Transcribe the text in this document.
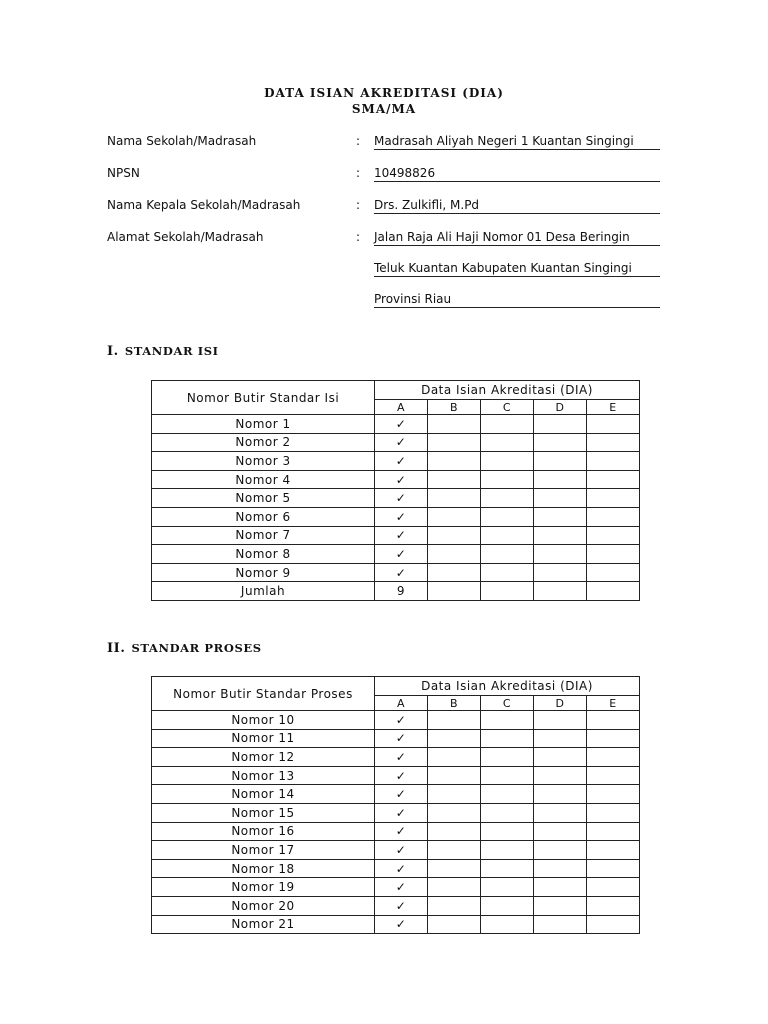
DATA ISIAN AKREDITASI (DIA)
SMA/MA
Nama Sekolah/Madrasah	: Madrasah Aliyah Negeri 1 Kuantan Singingi
NPSN	: 10498826
Nama Kepala Sekolah/Madrasah	: Drs. Zulkifli, M.Pd
Alamat Sekolah/Madrasah	: Jalan Raja Ali Haji Nomor 01 Desa Beringin
Teluk Kuantan Kabupaten Kuantan Singingi
Provinsi Riau
I. STANDAR ISI
Nomor Butir Standar Isi	Data Isian Akreditasi (DIA)				
	A	B	C	D	E
Nomor 1	✓				
Nomor 2	✓				
Nomor 3	✓				
Nomor 4	✓				
Nomor 5	✓				
Nomor 6	✓				
Nomor 7	✓				
Nomor 8	✓				
Nomor 9	✓				
Jumlah	9				
II. STANDAR PROSES
Nomor Butir Standar Proses	Data Isian Akreditasi (DIA)				
	A	B	C	D	E
Nomor 10	✓				
Nomor 11	✓				
Nomor 12	✓				
Nomor 13	✓				
Nomor 14	✓				
Nomor 15	✓				
Nomor 16	✓				
Nomor 17	✓				
Nomor 18	✓				
Nomor 19	✓				
Nomor 20	✓				
Nomor 21	✓				
